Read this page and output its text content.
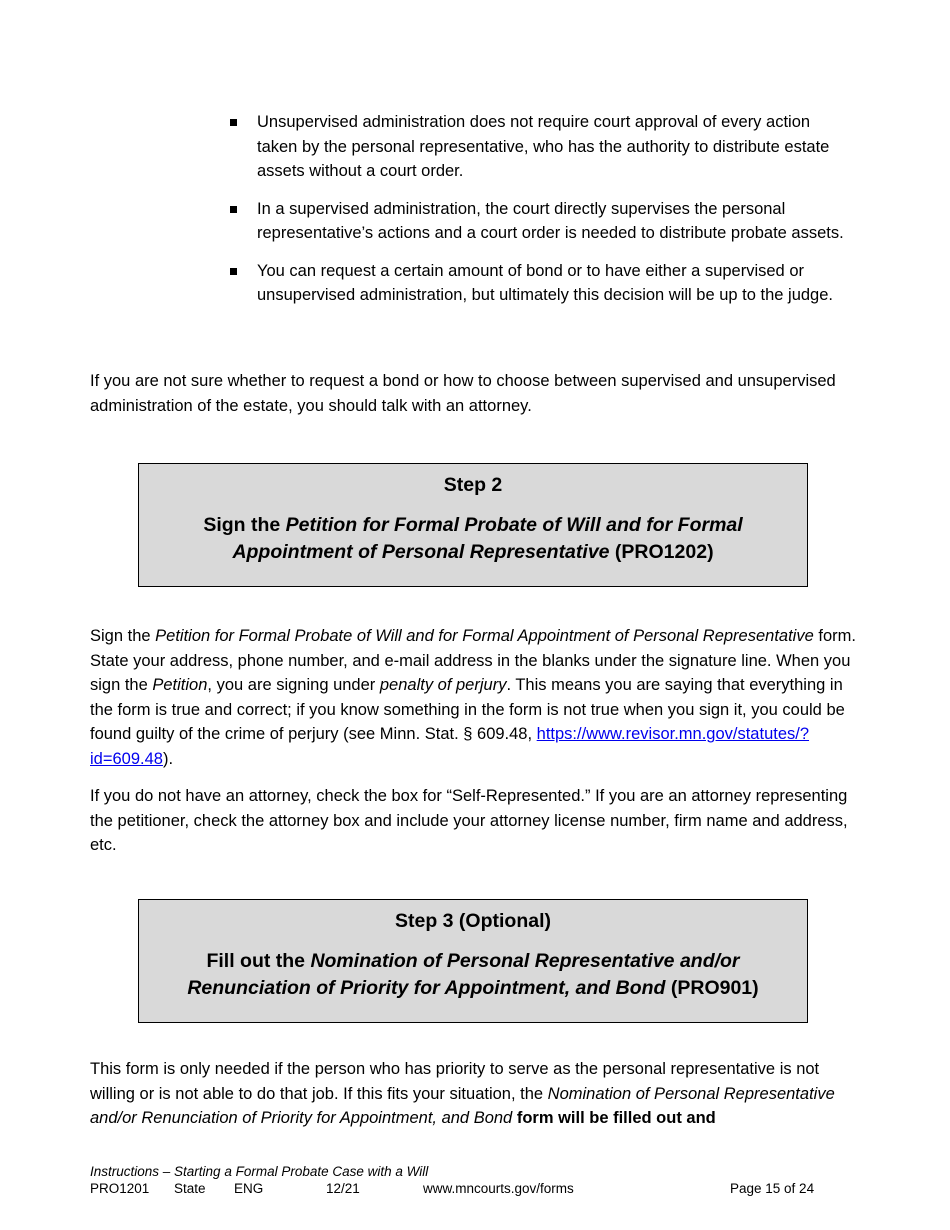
Unsupervised administration does not require court approval of every action taken by the personal representative, who has the authority to distribute estate assets without a court order.
In a supervised administration, the court directly supervises the personal representative’s actions and a court order is needed to distribute probate assets.
You can request a certain amount of bond or to have either a supervised or unsupervised administration, but ultimately this decision will be up to the judge.

If you are not sure whether to request a bond or how to choose between supervised and unsupervised administration of the estate, you should talk with an attorney.

Step 2
Sign the Petition for Formal Probate of Will and for Formal Appointment of Personal Representative (PRO1202)

Sign the Petition for Formal Probate of Will and for Formal Appointment of Personal Representative form. State your address, phone number, and e-mail address in the blanks under the signature line. When you sign the Petition, you are signing under penalty of perjury. This means you are saying that everything in the form is true and correct; if you know something in the form is not true when you sign it, you could be found guilty of the crime of perjury (see Minn. Stat. § 609.48, https://www.revisor.mn.gov/statutes/?id=609.48).

If you do not have an attorney, check the box for “Self-Represented.” If you are an attorney representing the petitioner, check the attorney box and include your attorney license number, firm name and address, etc.

Step 3 (Optional)
Fill out the Nomination of Personal Representative and/or Renunciation of Priority for Appointment, and Bond (PRO901)

This form is only needed if the person who has priority to serve as the personal representative is not willing or is not able to do that job. If this fits your situation, the Nomination of Personal Representative and/or Renunciation of Priority for Appointment, and Bond form will be filled out and

Instructions – Starting a Formal Probate Case with a Will
PRO1201 State ENG	12/21	www.mncourts.gov/forms	Page 15 of 24
